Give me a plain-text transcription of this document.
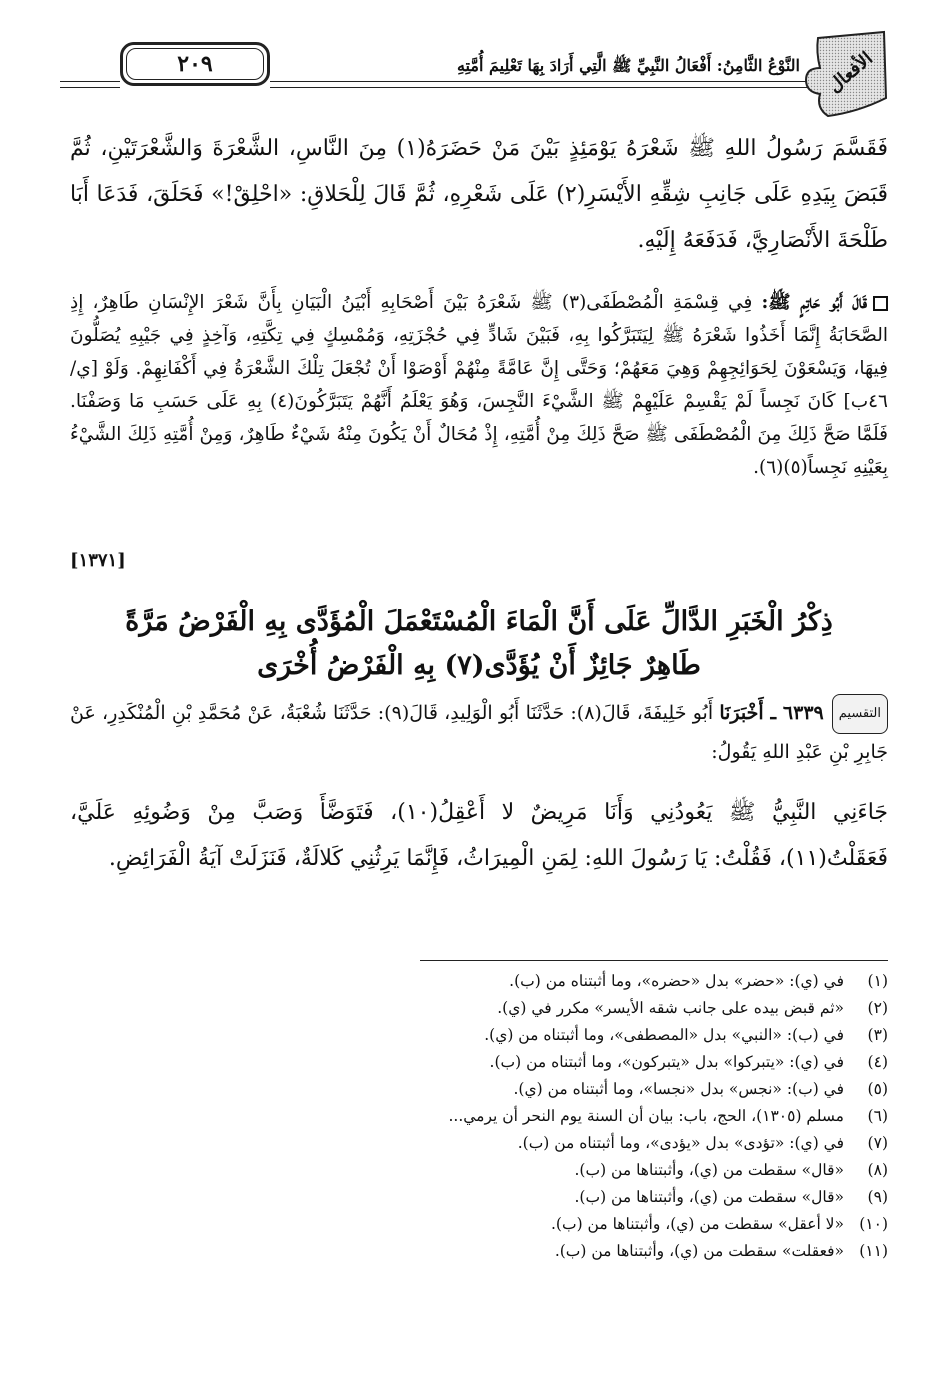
٢٠٩	النَّوْعُ الثَّامِنُ: أَفْعَالُ النَّبِيِّ ﷺ الَّتِي أَرَادَ بِهَا تَعْلِيمَ أُمَّتِهِ الأفعال
فَقَسَّمَ رَسُولُ اللهِ ﷺ شَعْرَهُ يَوْمَئِذٍ بَيْنَ مَنْ حَضَرَهُ(١) مِنَ النَّاسِ، الشَّعْرَةَ وَالشَّعْرَتَيْنِ، ثُمَّ قَبَضَ بِيَدِهِ عَلَى جَانِبِ شِقِّهِ الأَيْسَرِ(٢) عَلَى شَعْرِهِ، ثُمَّ قَالَ لِلْحَلاقِ: «احْلِقْ!» فَحَلَقَ، فَدَعَا أَبَا طَلْحَةَ الأَنْصَارِيَّ، فَدَفَعَهُ إِلَيْهِ.
قَالَ أَبُو حَاتِمٍ ﷺ: فِي قِسْمَةِ الْمُصْطَفَى(٣) ﷺ شَعْرَهُ بَيْنَ أَصْحَابِهِ أَبْيَنُ الْبَيَانِ بِأَنَّ شَعْرَ الإِنْسَانِ طَاهِرٌ، إِذِ الصَّحَابَةُ إِنَّمَا أَخَذُوا شَعْرَهُ ﷺ لِيَتَبَرَّكُوا بِهِ، فَبَيْنَ شَادٍّ فِي حُجْزَتِهِ، وَمُمْسِكٍ فِي تِكَّتِهِ، وَآخِذٍ فِي جَيْبِهِ يُصَلُّونَ فِيهَا، وَيَسْعَوْنَ لِحَوَائِجِهِمْ وَهِيَ مَعَهُمْ؛ وَحَتَّى إِنَّ عَامَّةً مِنْهُمْ أَوْصَوْا أَنْ تُجْعَلَ تِلْكَ الشَّعْرَةُ فِي أَكْفَانِهِمْ. وَلَوْ [ي/٤٦ب] كَانَ نَجِساً لَمْ يَقْسِمْ عَلَيْهِمْ ﷺ الشَّيْءَ النَّجِسَ، وَهُوَ يَعْلَمُ أَنَّهُمْ يَتَبَرَّكُونَ(٤) بِهِ عَلَى حَسَبِ مَا وَصَفْنَا. فَلَمَّا صَحَّ ذَلِكَ مِنَ الْمُصْطَفَى ﷺ صَحَّ ذَلِكَ مِنْ أُمَّتِهِ، إِذْ مُحَالٌ أَنْ يَكُونَ مِنْهُ شَيْءٌ طَاهِرٌ، وَمِنْ أُمَّتِهِ ذَلِكَ الشَّيْءُ بِعَيْنِهِ نَجِساً(٥)(٦).
[١٣٧١]
ذِكْرُ الْخَبَرِ الدَّالِّ عَلَى أَنَّ الْمَاءَ الْمُسْتَعْمَلَ الْمُؤَدَّى بِهِ الْفَرْضُ مَرَّةً
طَاهِرٌ جَائِزٌ أَنْ يُؤَدَّى(٧) بِهِ الْفَرْضُ أُخْرَى
التقسيم٦٣٣٩ ـ أَخْبَرَنَا أَبُو خَلِيفَةَ، قَالَ(٨): حَدَّثَنَا أَبُو الْوَلِيدِ، قَالَ(٩): حَدَّثَنَا شُعْبَةُ، عَنْ مُحَمَّدِ بْنِ الْمُنْكَدِرِ، عَنْ جَابِرِ بْنِ عَبْدِ اللهِ يَقُولُ:
جَاءَنِي النَّبِيُّ ﷺ يَعُودُنِي وَأَنَا مَرِيضٌ لا أَعْقِلُ(١٠)، فَتَوَضَّأَ وَصَبَّ مِنْ وَضُوئِهِ عَلَيَّ، فَعَقَلْتُ(١١)، فَقُلْتُ: يَا رَسُولَ اللهِ: لِمَنِ الْمِيرَاثُ، فَإِنَّمَا يَرِثُنِي كَلالَةٌ، فَنَزَلَتْ آيَةُ الْفَرَائِضِ.
(١)في (ي): «حضر» بدل «حضره»، وما أثبتناه من (ب).
(٢)«ثم قبض بيده على جانب شقه الأيسر» مكرر في (ي).
(٣)في (ب): «النبي» بدل «المصطفى»، وما أثبتناه من (ي).
(٤)في (ي): «يتبركوا» بدل «يتبركون»، وما أثبتناه من (ب).
(٥)في (ب): «نجس» بدل «نجسا»، وما أثبتناه من (ي).
(٦)مسلم (١٣٠٥)، الحج، باب: بيان أن السنة يوم النحر أن يرمي...
(٧)في (ي): «تؤدى» بدل «يؤدى»، وما أثبتناه من (ب).
(٨)«قال» سقطت من (ي)، وأثبتناها من (ب).
(٩)«قال» سقطت من (ي)، وأثبتناها من (ب).
(١٠)«لا أعقل» سقطت من (ي)، وأثبتناها من (ب).
(١١)«فعقلت» سقطت من (ي)، وأثبتناها من (ب).
